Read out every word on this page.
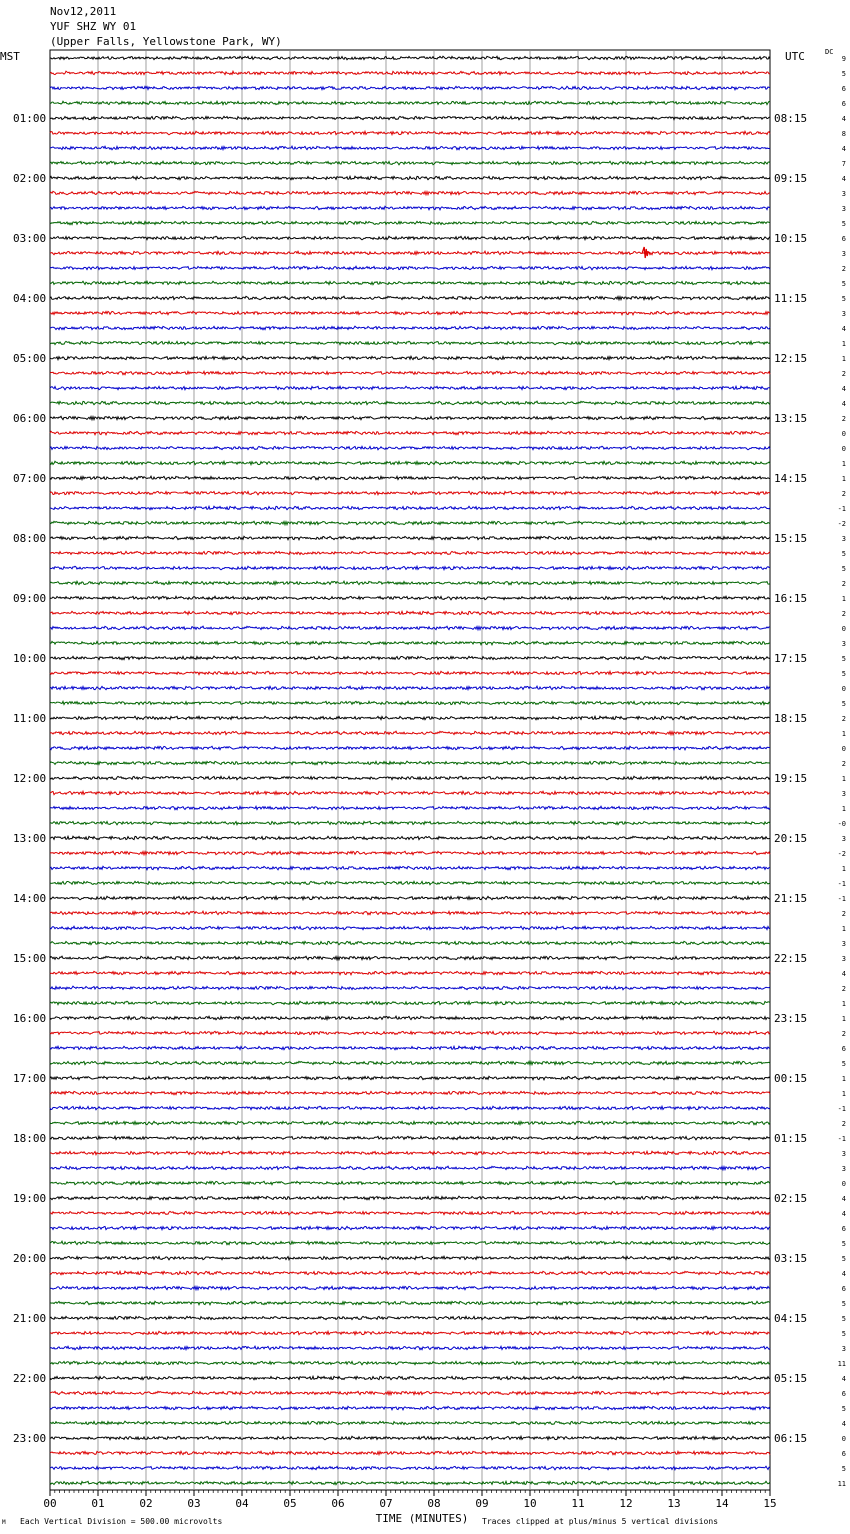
Nov12,2011
YUF SHZ WY 01
(Upper Falls, Yellowstone Park, WY)
MST	UTC	DC
01:00
02:00
03:00
04:00
05:00
06:00
07:00
08:00
09:00
10:00
11:00
12:00
13:00
14:00
15:00
16:00
17:00
18:00
19:00
20:00
21:00
22:00
23:00
08:15
09:15
10:15
11:15
12:15
13:15
14:15
15:15
16:15
17:15
18:15
19:15
20:15
21:15
22:15
23:15
00:15
01:15
02:15
03:15
04:15
05:15
06:15
9
5
6
6
4
8
4
7
4
3
3
5
6
3
2
5
5
3
4
1
1
2
4
4
2
0
0
1
1
2
-1
-2
3
5
5
2
1
2
0
3
5
5
0
5
2
1
0
2
1
3
1
-0
3
-2
1
-1
-1
2
1
3
3
4
2
1
1
2
6
5
1
1
-1
2
-1
3
3
0
4
4
6
5
5
4
6
5
5
5
3
11
4
6
5
4
0
6
5
11
00	01	02	03	04	05	06	07	08	09	10	11	12	13	14	15
TIME (MINUTES)
M Each Vertical Division = 500.00 microvolts	Traces clipped at plus/minus 5 vertical divisions
